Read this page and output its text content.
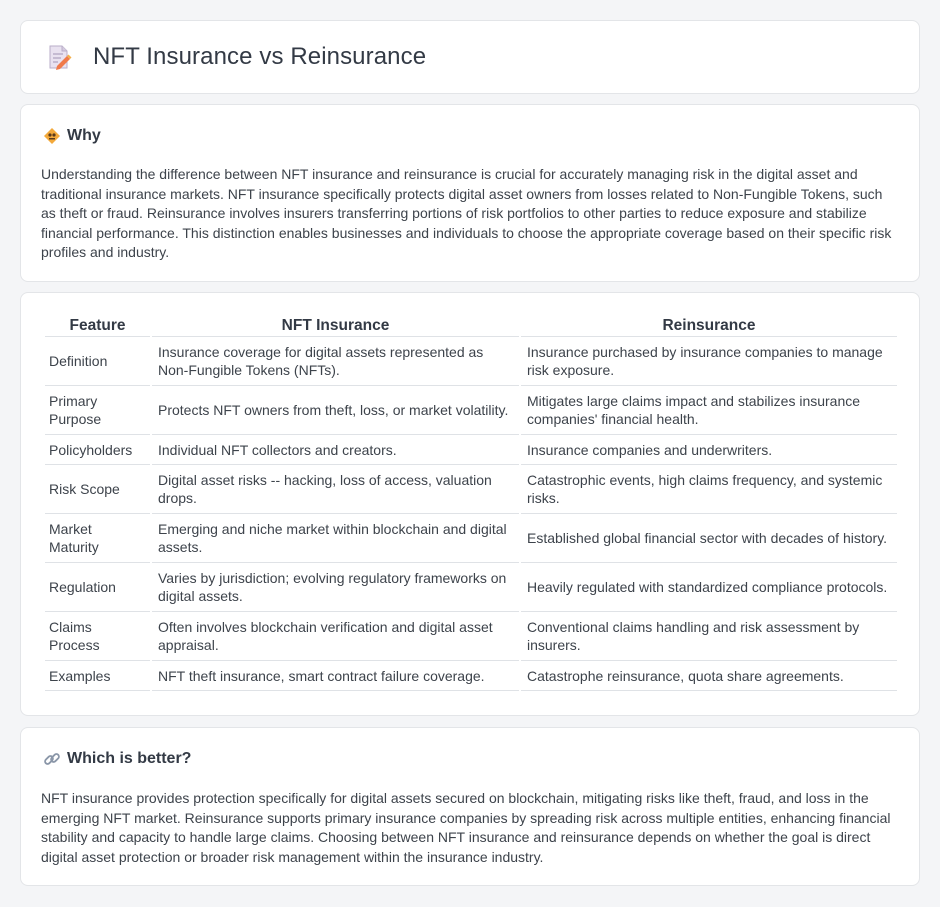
NFT Insurance vs Reinsurance
Why

Understanding the difference between NFT insurance and reinsurance is crucial for accurately managing risk in the digital asset and traditional insurance markets. NFT insurance specifically protects digital asset owners from losses related to Non-Fungible Tokens, such as theft or fraud. Reinsurance involves insurers transferring portions of risk portfolios to other parties to reduce exposure and stabilize financial performance. This distinction enables businesses and individuals to choose the appropriate coverage based on their specific risk profiles and industry.

Feature	NFT Insurance	Reinsurance
Definition	Insurance coverage for digital assets represented as Non-Fungible Tokens (NFTs).	Insurance purchased by insurance companies to manage risk exposure.
Primary Purpose	Protects NFT owners from theft, loss, or market volatility.	Mitigates large claims impact and stabilizes insurance companies' financial health.
Policyholders	Individual NFT collectors and creators.	Insurance companies and underwriters.
Risk Scope	Digital asset risks -- hacking, loss of access, valuation drops.	Catastrophic events, high claims frequency, and systemic risks.
Market Maturity	Emerging and niche market within blockchain and digital assets.	Established global financial sector with decades of history.
Regulation	Varies by jurisdiction; evolving regulatory frameworks on digital assets.	Heavily regulated with standardized compliance protocols.
Claims Process	Often involves blockchain verification and digital asset appraisal.	Conventional claims handling and risk assessment by insurers.
Examples	NFT theft insurance, smart contract failure coverage.	Catastrophe reinsurance, quota share agreements.
Which is better?

NFT insurance provides protection specifically for digital assets secured on blockchain, mitigating risks like theft, fraud, and loss in the emerging NFT market. Reinsurance supports primary insurance companies by spreading risk across multiple entities, enhancing financial stability and capacity to handle large claims. Choosing between NFT insurance and reinsurance depends on whether the goal is direct digital asset protection or broader risk management within the insurance industry.
